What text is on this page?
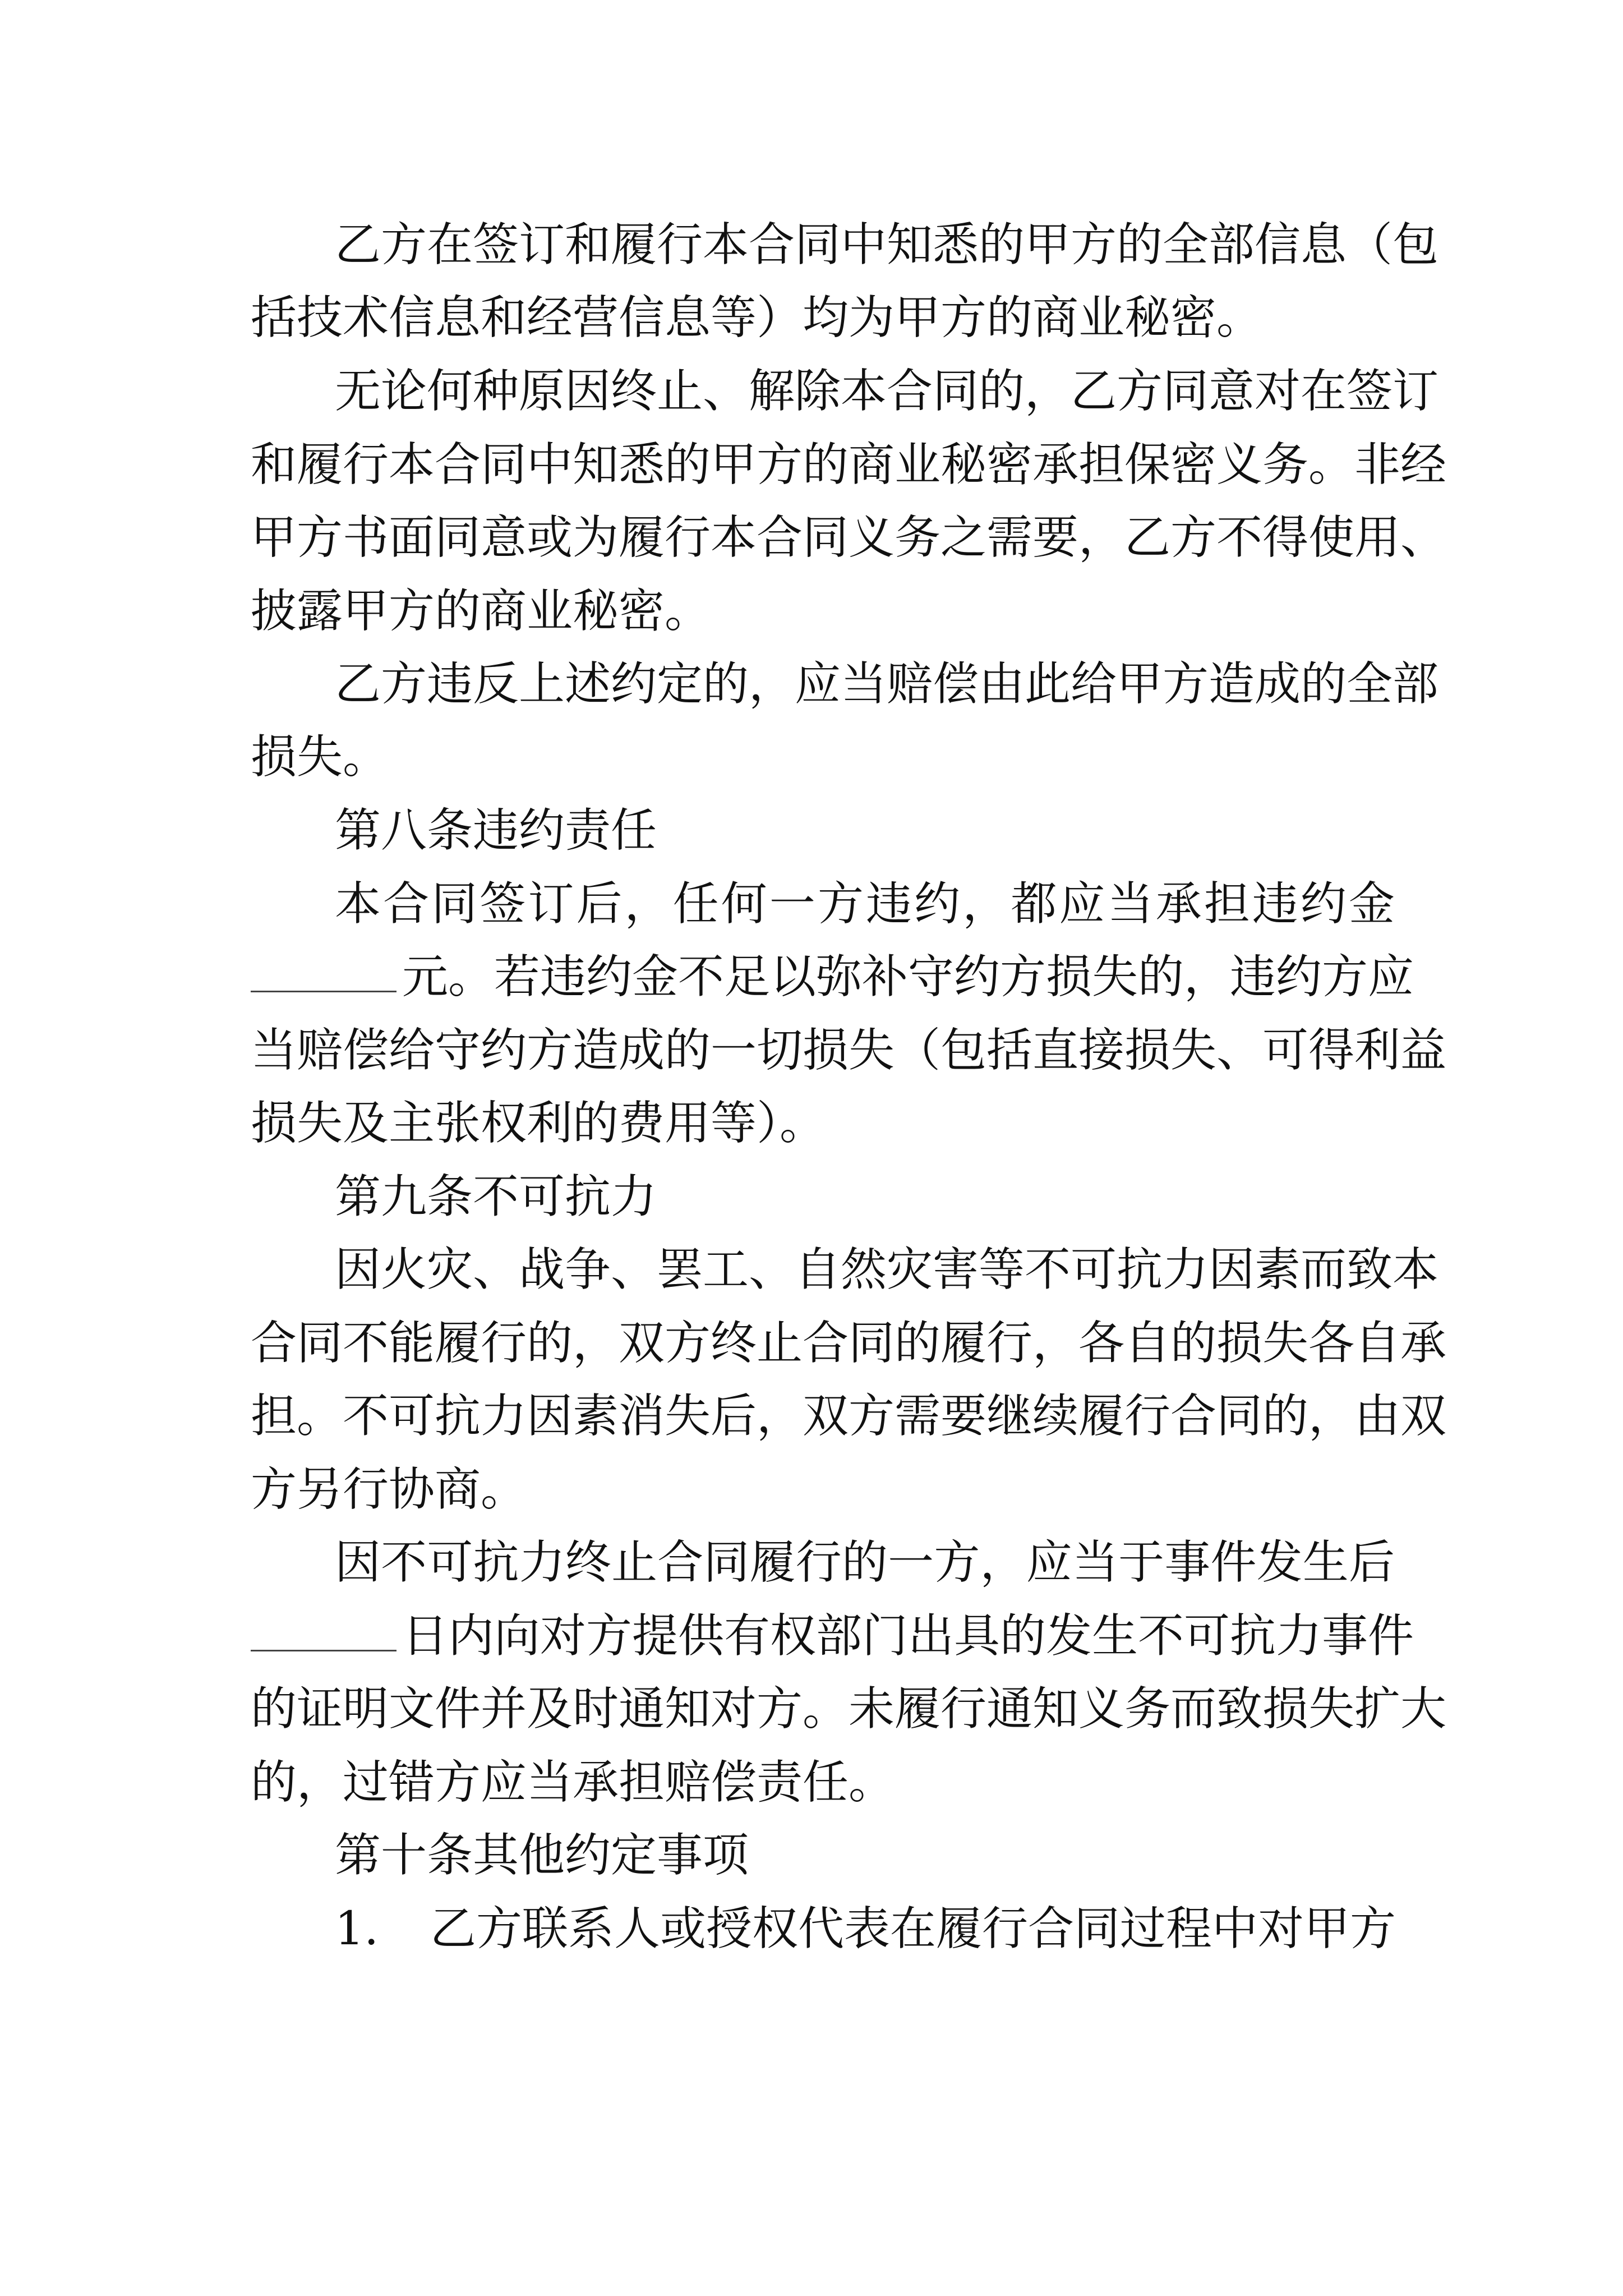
乙方在签订和履行本合同中知悉的甲方的全部信息（包
括技术信息和经营信息等）均为甲方的商业秘密。
无论何种原因终止、解除本合同的，乙方同意对在签订
和履行本合同中知悉的甲方的商业秘密承担保密义务。非经
甲方书面同意或为履行本合同义务之需要，乙方不得使用、
披露甲方的商业秘密。
乙方违反上述约定的，应当赔偿由此给甲方造成的全部
损失。
第八条违约责任
本合同签订后，任何一方违约，都应当承担违约金
元。若违约金不足以弥补守约方损失的，违约方应
当赔偿给守约方造成的一切损失（包括直接损失、可得利益
损失及主张权利的费用等）。
第九条不可抗力
因火灾、战争、罢工、自然灾害等不可抗力因素而致本
合同不能履行的，双方终止合同的履行，各自的损失各自承
担。不可抗力因素消失后，双方需要继续履行合同的，由双
方另行协商。
因不可抗力终止合同履行的一方，应当于事件发生后
日内向对方提供有权部门出具的发生不可抗力事件
的证明文件并及时通知对方。未履行通知义务而致损失扩大
的，过错方应当承担赔偿责任。
第十条其他约定事项
1. 乙方联系人或授权代表在履行合同过程中对甲方
